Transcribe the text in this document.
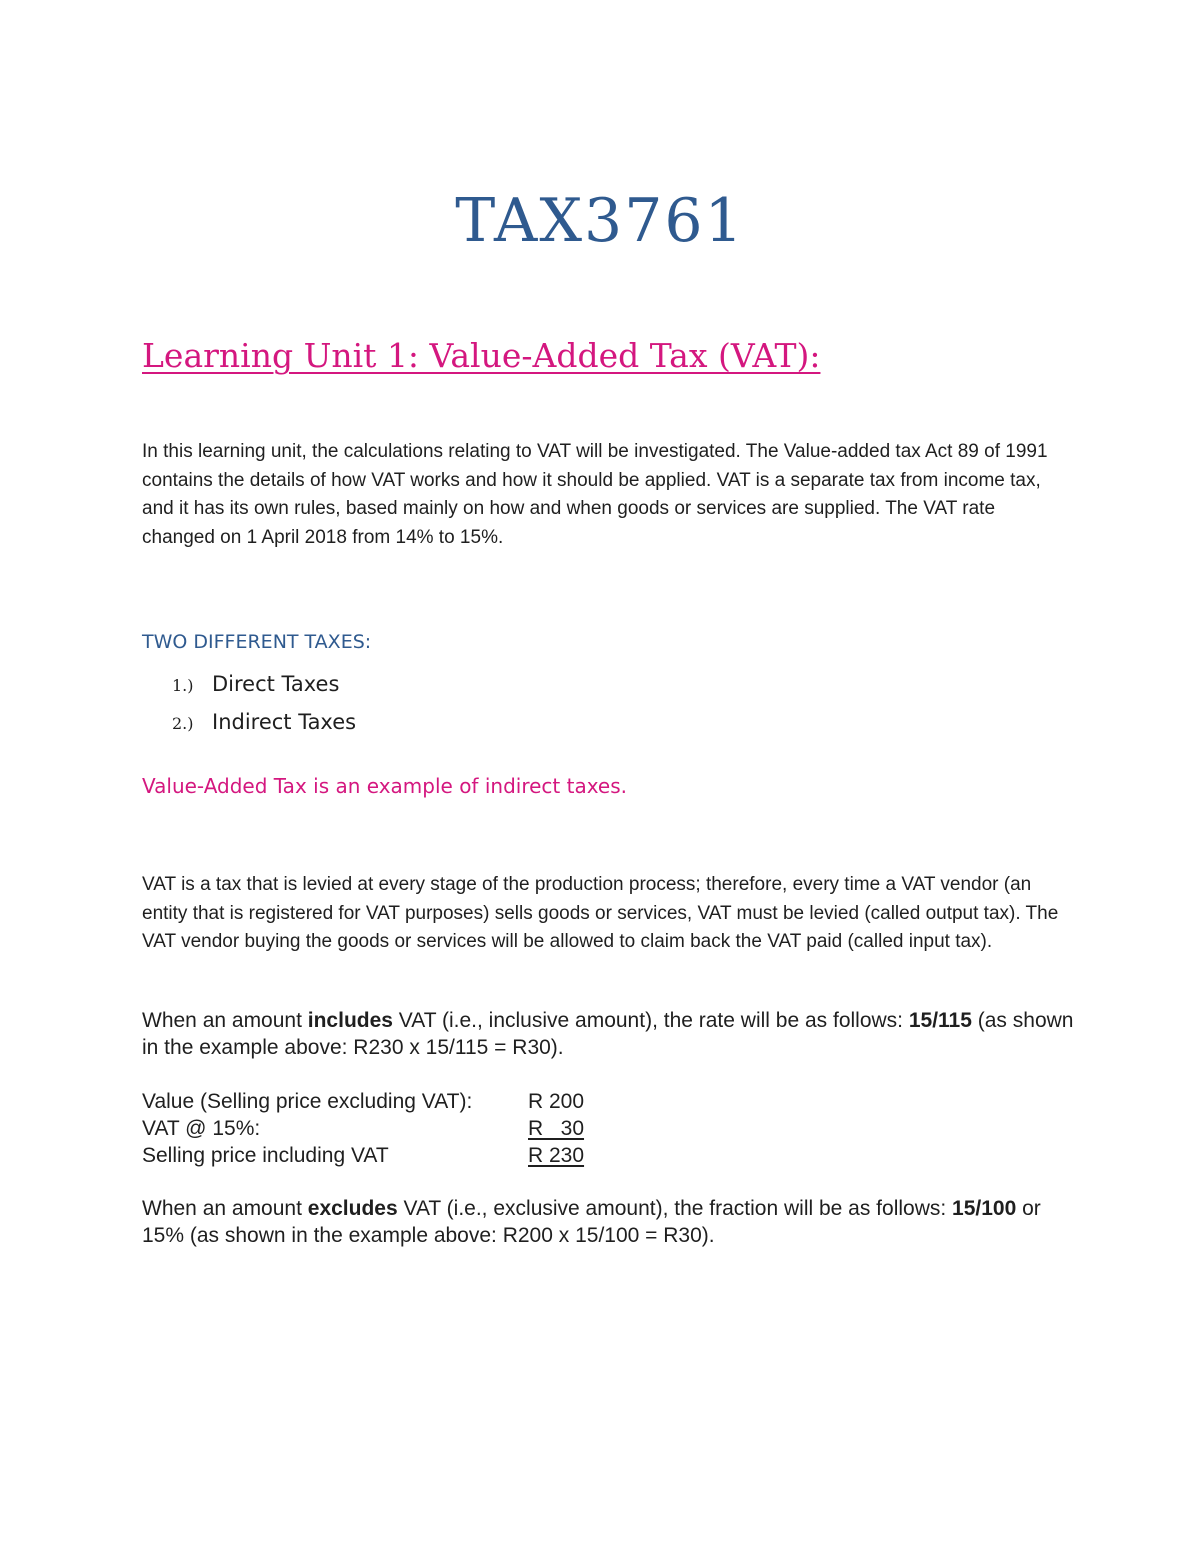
TAX3761
Learning Unit 1: Value-Added Tax (VAT):
In this learning unit, the calculations relating to VAT will be investigated. The Value-added tax Act 89 of 1991 contains the details of how VAT works and how it should be applied. VAT is a separate tax from income tax, and it has its own rules, based mainly on how and when goods or services are supplied. The VAT rate changed on 1 April 2018 from 14% to 15%.
TWO DIFFERENT TAXES:
1.) Direct Taxes
2.) Indirect Taxes
Value-Added Tax is an example of indirect taxes.
VAT is a tax that is levied at every stage of the production process; therefore, every time a VAT vendor (an entity that is registered for VAT purposes) sells goods or services, VAT must be levied (called output tax). The VAT vendor buying the goods or services will be allowed to claim back the VAT paid (called input tax).
When an amount includes VAT (i.e., inclusive amount), the rate will be as follows: 15/115 (as shown in the example above: R230 x 15/115 = R30).
Value (Selling price excluding VAT):	R 200
VAT @ 15%:	R   30
Selling price including VAT	R 230
When an amount excludes VAT (i.e., exclusive amount), the fraction will be as follows: 15/100 or 15% (as shown in the example above: R200 x 15/100 = R30).
